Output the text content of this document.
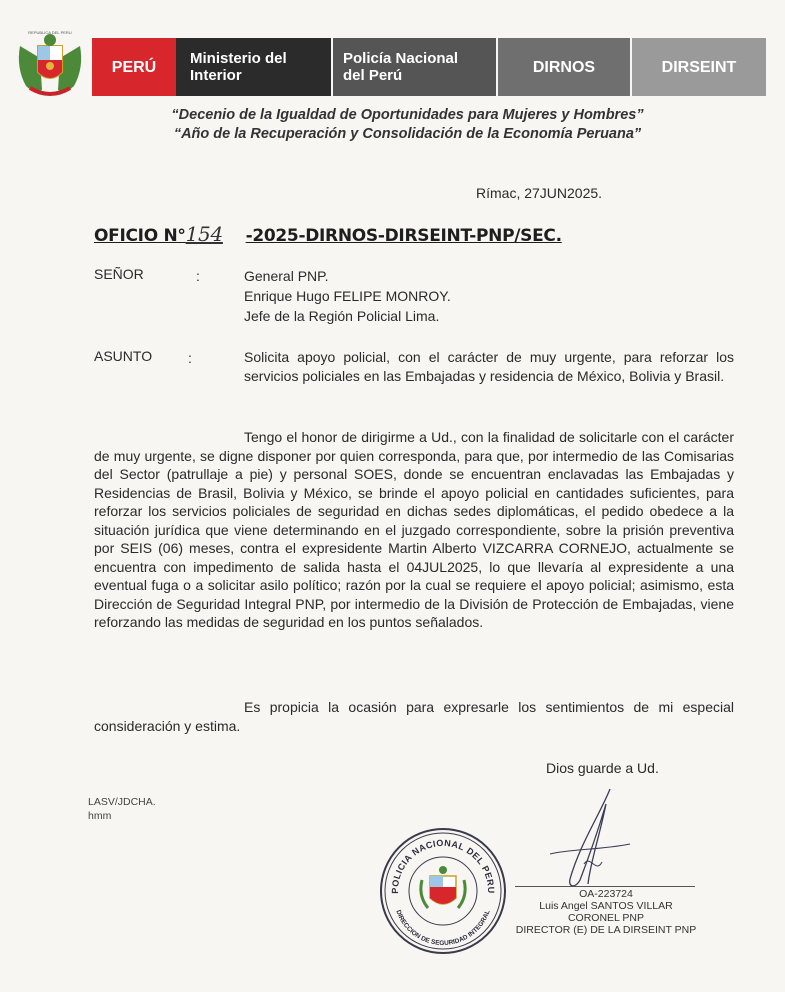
REPUBLICA DEL PERU
PERÚ Ministerio del
Interior
Policía Nacional
del Perú	DIRNOS	DIRSEINT
“Decenio de la Igualdad de Oportunidades para Mujeres y Hombres”
“Año de la Recuperación y Consolidación de la Economía Peruana”
Rímac, 27JUN2025.
OFICIO N°154 -2025-DIRNOS-DIRSEINT-PNP/SEC.
SEÑOR	:	General PNP.
Enrique Hugo FELIPE MONROY.
Jefe de la Región Policial Lima.
ASUNTO	:	Solicita apoyo policial, con el carácter de muy urgente, para reforzar los servicios policiales en las Embajadas y residencia de México, Bolivia y Brasil.
Tengo el honor de dirigirme a Ud., con la finalidad de solicitarle con el carácter de muy urgente, se digne disponer por quien corresponda, para que, por intermedio de las Comisarias del Sector (patrullaje a pie) y personal SOES, donde se encuentran enclavadas las Embajadas y Residencias de Brasil, Bolivia y México, se brinde el apoyo policial en cantidades suficientes, para reforzar los servicios policiales de seguridad en dichas sedes diplomáticas, el pedido obedece a la situación jurídica que viene determinando en el juzgado correspondiente, sobre la prisión preventiva por SEIS (06) meses, contra el expresidente Martin Alberto VIZCARRA CORNEJO, actualmente se encuentra con impedimento de salida hasta el 04JUL2025, lo que llevaría al expresidente a una eventual fuga o a solicitar asilo político; razón por la cual se requiere el apoyo policial; asimismo, esta Dirección de Seguridad Integral PNP, por intermedio de la División de Protección de Embajadas, viene reforzando las medidas de seguridad en los puntos señalados.
Es propicia la ocasión para expresarle los sentimientos de mi especial consideración y estima.
Dios guarde a Ud.
LASV/JDCHA.
hmm
POLICIA NACIONAL DEL PERU
DIRECCION DE SEGURIDAD INTEGRAL
OA-223724
Luis Angel SANTOS VILLAR
CORONEL PNP
DIRECTOR (E) DE LA DIRSEINT PNP
